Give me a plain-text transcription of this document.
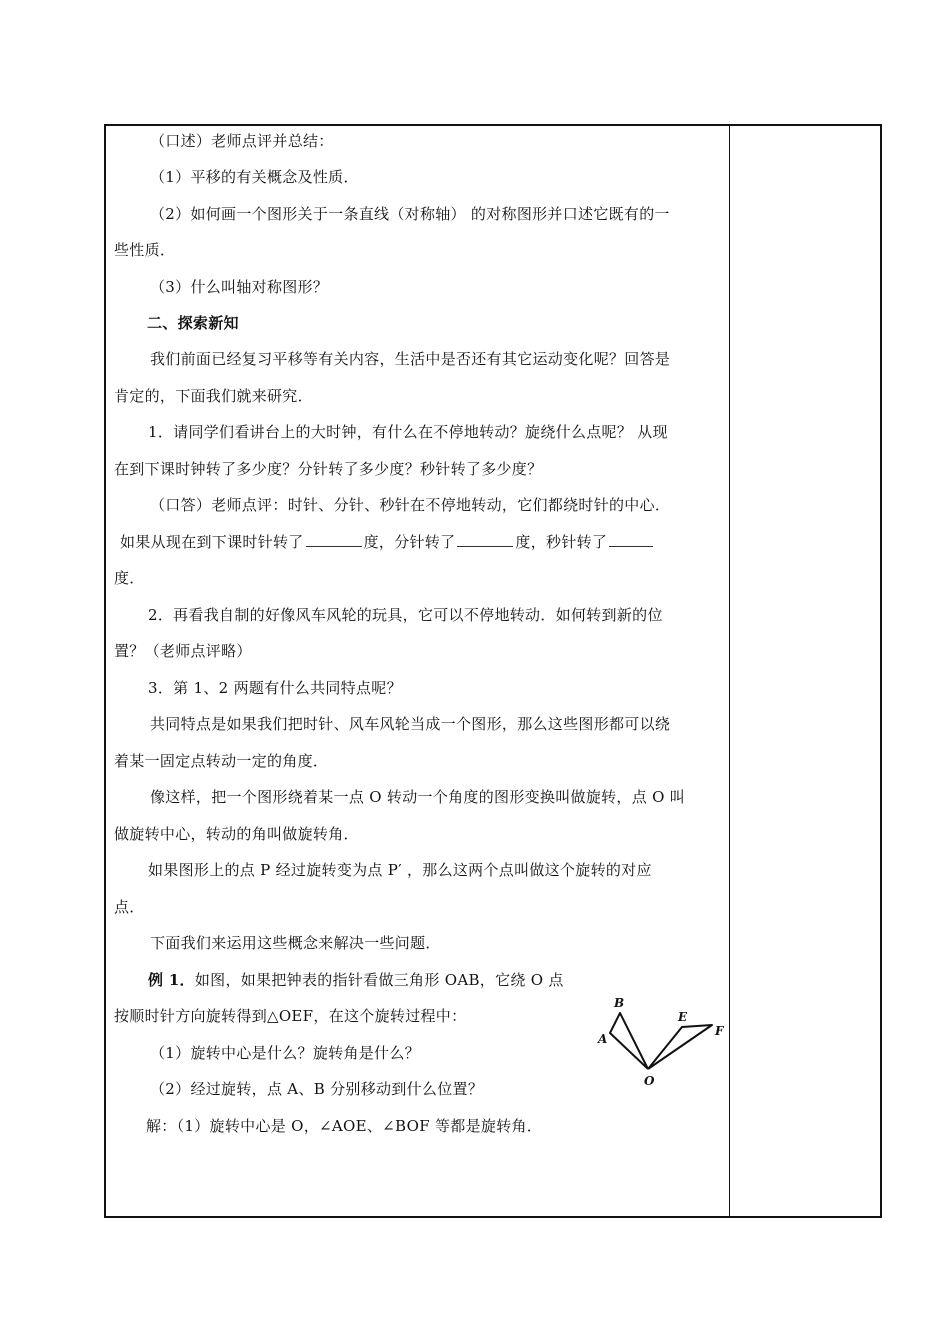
（口述）老师点评并总结：
（1）平移的有关概念及性质．
（2）如何画一个图形关于一条直线（对称轴） 的对称图形并口述它既有的一
些性质．
（3）什么叫轴对称图形？
二、探索新知
我们前面已经复习平移等有关内容，生活中是否还有其它运动变化呢？回答是
肯定的，下面我们就来研究．
1．请同学们看讲台上的大时钟，有什么在不停地转动？旋绕什么点呢？ 从现
在到下课时钟转了多少度？分针转了多少度？秒针转了多少度？
（口答）老师点评：时针、分针、秒针在不停地转动，它们都绕时针的中心．
如果从现在到下课时针转了	度，分针转了	度，秒针转了
度．
2．再看我自制的好像风车风轮的玩具，它可以不停地转动．如何转到新的位
置？（老师点评略）
3．第 1、2 两题有什么共同特点呢？
共同特点是如果我们把时针、风车风轮当成一个图形，那么这些图形都可以绕
着某一固定点转动一定的角度．
像这样，把一个图形绕着某一点 O 转动一个角度的图形变换叫做旋转，点 O 叫
做旋转中心，转动的角叫做旋转角．
如果图形上的点 P 经过旋转变为点 P′ ，那么这两个点叫做这个旋转的对应
点．
下面我们来运用这些概念来解决一些问题．
例 1．如图，如果把钟表的指针看做三角形 OAB，它绕 O 点
按顺时针方向旋转得到△OEF，在这个旋转过程中：
（1）旋转中心是什么？旋转角是什么？
（2）经过旋转，点 A、B 分别移动到什么位置？
解：（1）旋转中心是 O，∠AOE、∠BOF 等都是旋转角．
B
A
E
F
O
